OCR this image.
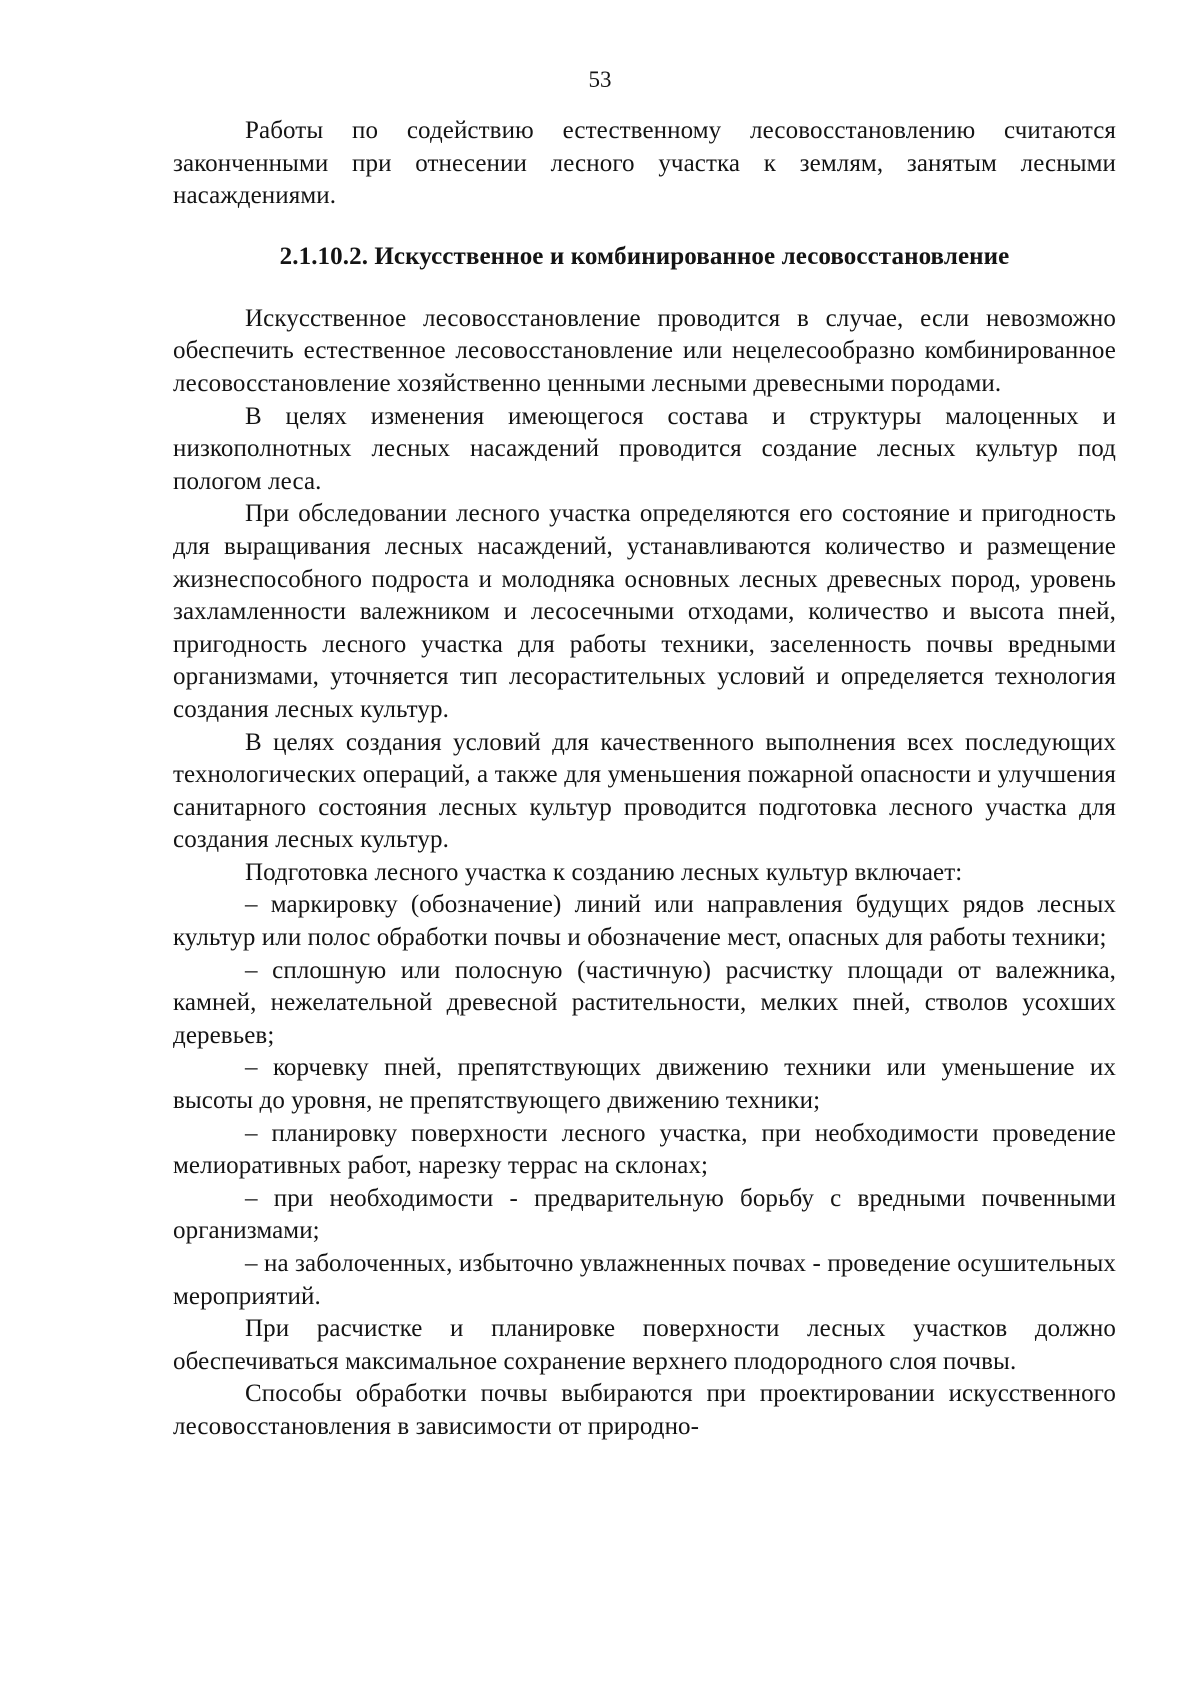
53

Работы по содействию естественному лесовосстановлению считаются законченными при отнесении лесного участка к землям, занятым лесными насаждениями.

2.1.10.2. Искусственное и комбинированное лесовосстановление

Искусственное лесовосстановление проводится в случае, если невозможно обеспечить естественное лесовосстановление или нецелесообразно комбинированное лесовосстановление хозяйственно ценными лесными древесными породами.

В целях изменения имеющегося состава и структуры малоценных и низкополнотных лесных насаждений проводится создание лесных культур под пологом леса.

При обследовании лесного участка определяются его состояние и пригодность для выращивания лесных насаждений, устанавливаются количество и размещение жизнеспособного подроста и молодняка основных лесных древесных пород, уровень захламленности валежником и лесосечными отходами, количество и высота пней, пригодность лесного участка для работы техники, заселенность почвы вредными организмами, уточняется тип лесорастительных условий и определяется технология создания лесных культур.

В целях создания условий для качественного выполнения всех последующих технологических операций, а также для уменьшения пожарной опасности и улучшения санитарного состояния лесных культур проводится подготовка лесного участка для создания лесных культур.

Подготовка лесного участка к созданию лесных культур включает:

– маркировку (обозначение) линий или направления будущих рядов лесных культур или полос обработки почвы и обозначение мест, опасных для работы техники;

– сплошную или полосную (частичную) расчистку площади от валежника, камней, нежелательной древесной растительности, мелких пней, стволов усохших деревьев;

– корчевку пней, препятствующих движению техники или уменьшение их высоты до уровня, не препятствующего движению техники;

– планировку поверхности лесного участка, при необходимости проведение мелиоративных работ, нарезку террас на склонах;

– при необходимости - предварительную борьбу с вредными почвенными организмами;

– на заболоченных, избыточно увлажненных почвах - проведение осушительных мероприятий.

При расчистке и планировке поверхности лесных участков должно обеспечиваться максимальное сохранение верхнего плодородного слоя почвы.

Способы обработки почвы выбираются при проектировании искусственного лесовосстановления в зависимости от природно-
